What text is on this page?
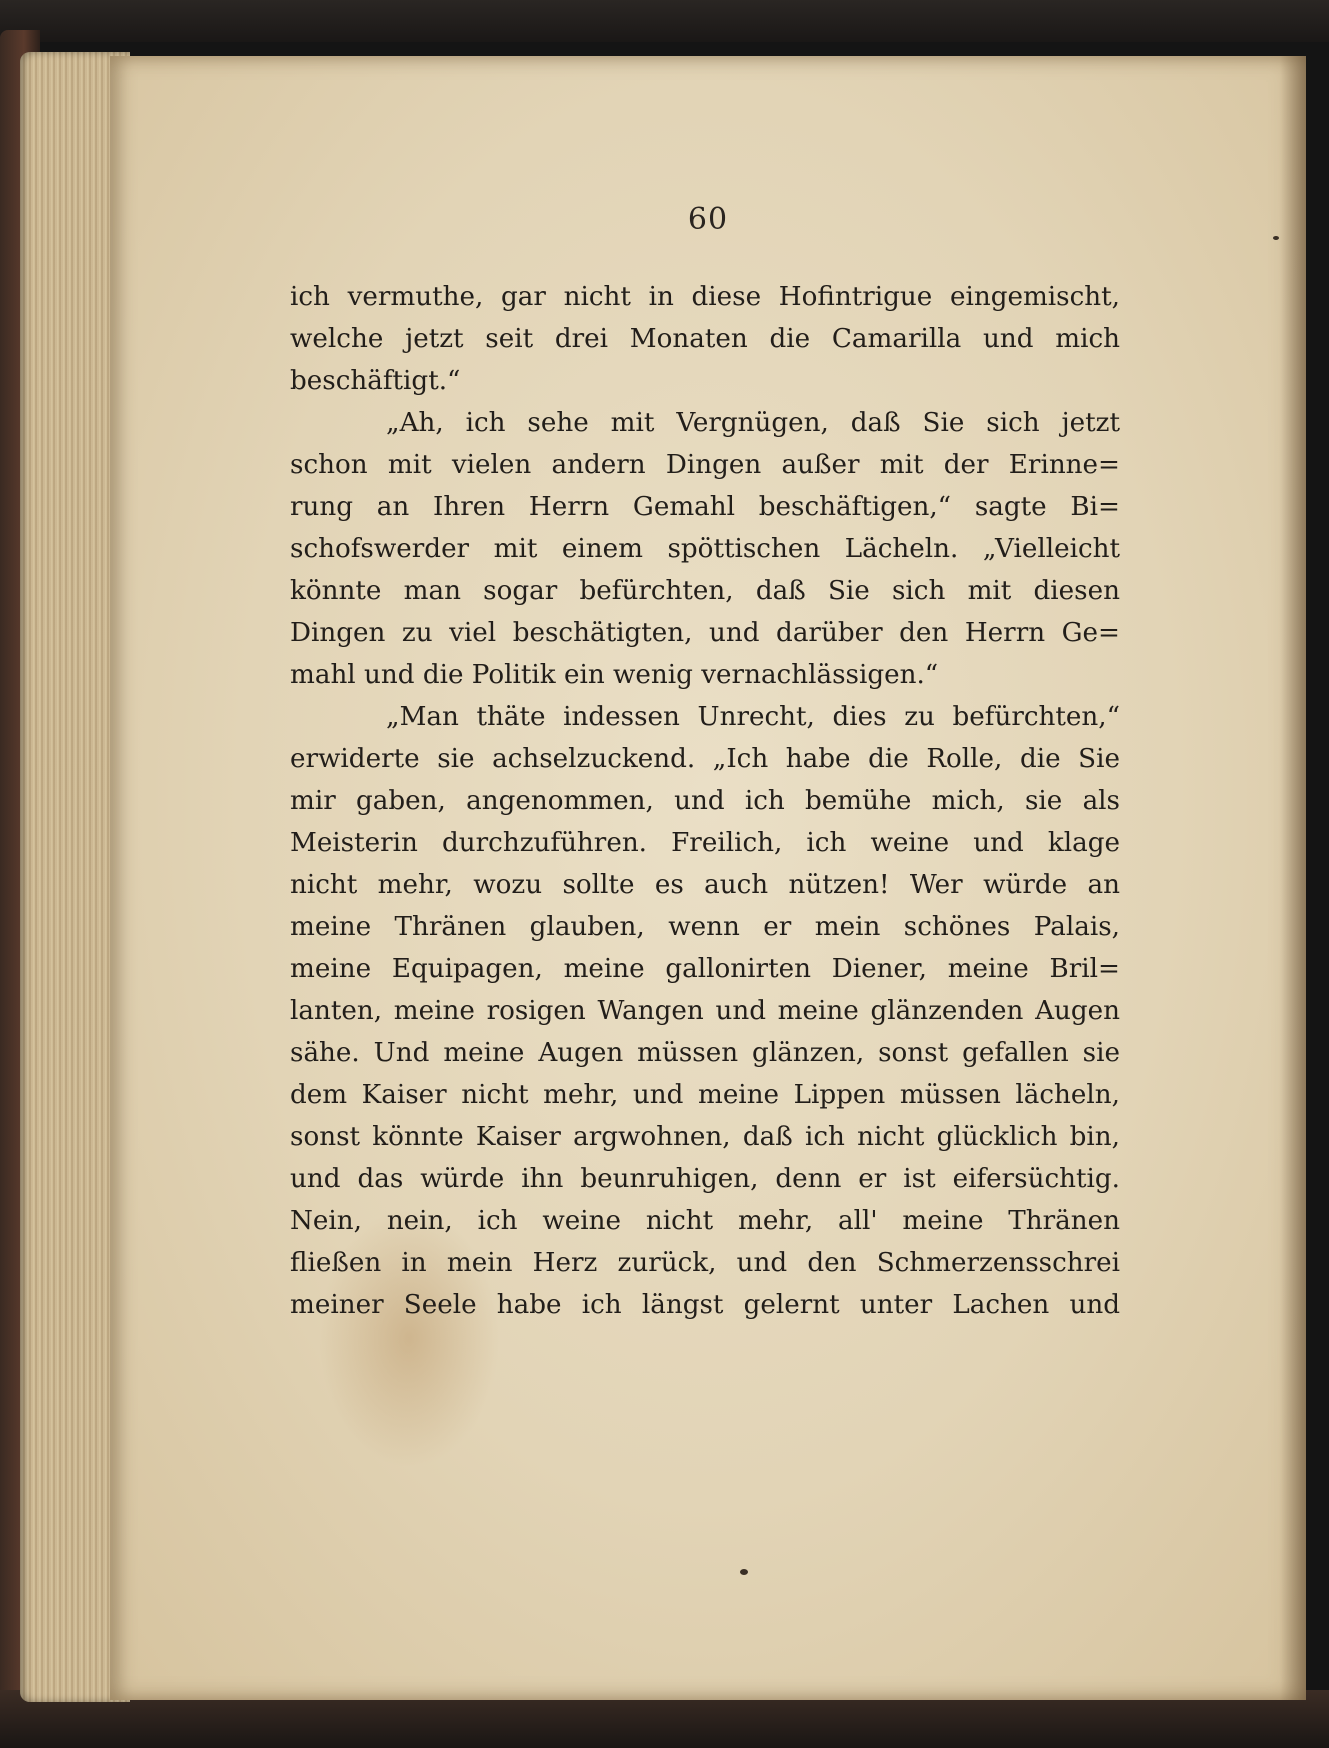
60
ich vermuthe, gar nicht in diese Hofintrigue eingemischt,
welche jetzt seit drei Monaten die Camarilla und mich
beschäftigt.“
„Ah, ich sehe mit Vergnügen, daß Sie sich jetzt
schon mit vielen andern Dingen außer mit der Erinne=
rung an Ihren Herrn Gemahl beschäftigen,“ sagte Bi=
schofswerder mit einem spöttischen Lächeln. „Vielleicht
könnte man sogar befürchten, daß Sie sich mit diesen
Dingen zu viel beschätigten, und darüber den Herrn Ge=
mahl und die Politik ein wenig vernachlässigen.“
„Man thäte indessen Unrecht, dies zu befürchten,“
erwiderte sie achselzuckend. „Ich habe die Rolle, die Sie
mir gaben, angenommen, und ich bemühe mich, sie als
Meisterin durchzuführen. Freilich, ich weine und klage
nicht mehr, wozu sollte es auch nützen! Wer würde an
meine Thränen glauben, wenn er mein schönes Palais,
meine Equipagen, meine gallonirten Diener, meine Bril=
lanten, meine rosigen Wangen und meine glänzenden Augen
sähe. Und meine Augen müssen glänzen, sonst gefallen sie
dem Kaiser nicht mehr, und meine Lippen müssen lächeln,
sonst könnte Kaiser argwohnen, daß ich nicht glücklich bin,
und das würde ihn beunruhigen, denn er ist eifersüchtig.
Nein, nein, ich weine nicht mehr, all' meine Thränen
fließen in mein Herz zurück, und den Schmerzensschrei
meiner Seele habe ich längst gelernt unter Lachen und
